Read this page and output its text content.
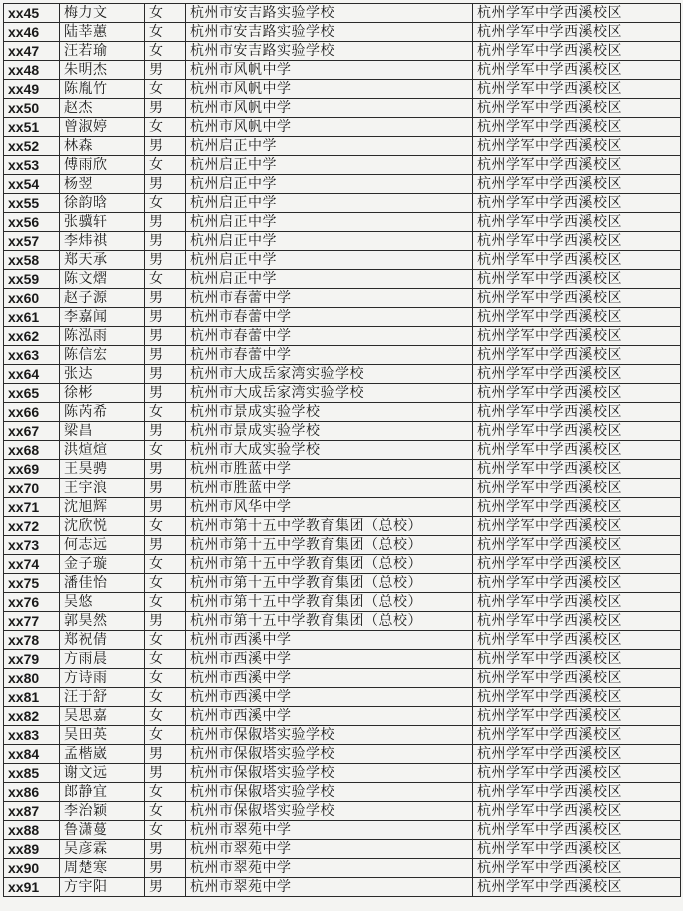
xx45	梅力文	女	杭州市安吉路实验学校	杭州学军中学西溪校区
xx46	陆莘蕙	女	杭州市安吉路实验学校	杭州学军中学西溪校区
xx47	汪若瑜	女	杭州市安吉路实验学校	杭州学军中学西溪校区
xx48	朱明杰	男	杭州市风帆中学	杭州学军中学西溪校区
xx49	陈胤竹	女	杭州市风帆中学	杭州学军中学西溪校区
xx50	赵杰	男	杭州市风帆中学	杭州学军中学西溪校区
xx51	曾淑婷	女	杭州市风帆中学	杭州学军中学西溪校区
xx52	林森	男	杭州启正中学	杭州学军中学西溪校区
xx53	傅雨欣	女	杭州启正中学	杭州学军中学西溪校区
xx54	杨翌	男	杭州启正中学	杭州学军中学西溪校区
xx55	徐韵晗	女	杭州启正中学	杭州学军中学西溪校区
xx56	张骥轩	男	杭州启正中学	杭州学军中学西溪校区
xx57	李炜祺	男	杭州启正中学	杭州学军中学西溪校区
xx58	郑天承	男	杭州启正中学	杭州学军中学西溪校区
xx59	陈文熠	女	杭州启正中学	杭州学军中学西溪校区
xx60	赵子源	男	杭州市春蕾中学	杭州学军中学西溪校区
xx61	李嘉闻	男	杭州市春蕾中学	杭州学军中学西溪校区
xx62	陈泓雨	男	杭州市春蕾中学	杭州学军中学西溪校区
xx63	陈信宏	男	杭州市春蕾中学	杭州学军中学西溪校区
xx64	张达	男	杭州市大成岳家湾实验学校	杭州学军中学西溪校区
xx65	徐彬	男	杭州市大成岳家湾实验学校	杭州学军中学西溪校区
xx66	陈芮希	女	杭州市景成实验学校	杭州学军中学西溪校区
xx67	梁昌	男	杭州市景成实验学校	杭州学军中学西溪校区
xx68	洪煊煊	女	杭州市大成实验学校	杭州学军中学西溪校区
xx69	王昊骋	男	杭州市胜蓝中学	杭州学军中学西溪校区
xx70	王宇浪	男	杭州市胜蓝中学	杭州学军中学西溪校区
xx71	沈旭辉	男	杭州市风华中学	杭州学军中学西溪校区
xx72	沈欣悦	女	杭州市第十五中学教育集团（总校）	杭州学军中学西溪校区
xx73	何志远	男	杭州市第十五中学教育集团（总校）	杭州学军中学西溪校区
xx74	金子璇	女	杭州市第十五中学教育集团（总校）	杭州学军中学西溪校区
xx75	潘佳怡	女	杭州市第十五中学教育集团（总校）	杭州学军中学西溪校区
xx76	吴悠	女	杭州市第十五中学教育集团（总校）	杭州学军中学西溪校区
xx77	郭昊然	男	杭州市第十五中学教育集团（总校）	杭州学军中学西溪校区
xx78	郑祝倩	女	杭州市西溪中学	杭州学军中学西溪校区
xx79	方雨晨	女	杭州市西溪中学	杭州学军中学西溪校区
xx80	方诗雨	女	杭州市西溪中学	杭州学军中学西溪校区
xx81	汪于舒	女	杭州市西溪中学	杭州学军中学西溪校区
xx82	吴思嘉	女	杭州市西溪中学	杭州学军中学西溪校区
xx83	吴田英	女	杭州市保俶塔实验学校	杭州学军中学西溪校区
xx84	孟楷崴	男	杭州市保俶塔实验学校	杭州学军中学西溪校区
xx85	谢文远	男	杭州市保俶塔实验学校	杭州学军中学西溪校区
xx86	郎静宜	女	杭州市保俶塔实验学校	杭州学军中学西溪校区
xx87	李治颖	女	杭州市保俶塔实验学校	杭州学军中学西溪校区
xx88	鲁潇蔓	女	杭州市翠苑中学	杭州学军中学西溪校区
xx89	吴彦霖	男	杭州市翠苑中学	杭州学军中学西溪校区
xx90	周楚寒	男	杭州市翠苑中学	杭州学军中学西溪校区
xx91	方宇阳	男	杭州市翠苑中学	杭州学军中学西溪校区
